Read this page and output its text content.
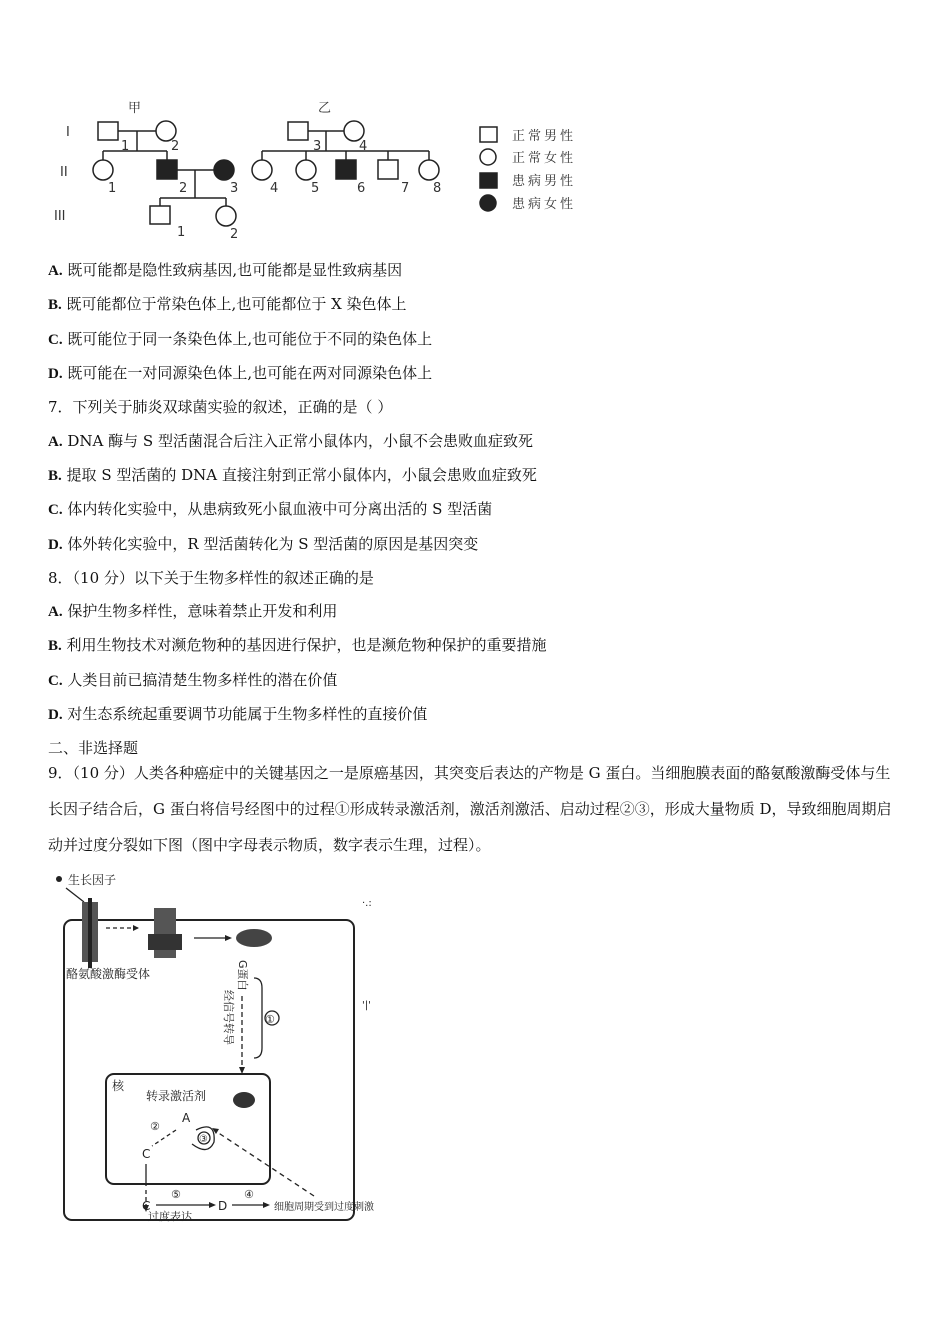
甲	乙
I
II
III
1	2	3	4
1	2	3 4	5	6	7 8
1	2
正常男性
正常女性
患病男性
患病女性
A. 既可能都是隐性致病基因,也可能都是显性致病基因
B. 既可能都位于常染色体上,也可能都位于 X 染色体上
C. 既可能位于同一条染色体上,也可能位于不同的染色体上
D. 既可能在一对同源染色体上,也可能在两对同源染色体上
7．下列关于肺炎双球菌实验的叙述，正确的是（ ）
A. DNA 酶与 S 型活菌混合后注入正常小鼠体内，小鼠不会患败血症致死
B. 提取 S 型活菌的 DNA 直接注射到正常小鼠体内，小鼠会患败血症致死
C. 体内转化实验中，从患病致死小鼠血液中可分离出活的 S 型活菌
D. 体外转化实验中，R 型活菌转化为 S 型活菌的原因是基因突变
8．（10 分）以下关于生物多样性的叙述正确的是
A. 保护生物多样性，意味着禁止开发和利用
B. 利用生物技术对濒危物种的基因进行保护，也是濒危物种保护的重要措施
C. 人类目前已搞清楚生物多样性的潜在价值
D. 对生态系统起重要调节功能属于生物多样性的直接价值
二、非选择题
9．（10 分）人类各种癌症中的关键基因之一是原癌基因，其突变后表达的产物是 G 蛋白。当细胞膜表面的酪氨酸激酶受体与生长因子结合后，G 蛋白将信号经图中的过程①形成转录激活剂，激活剂激活、启动过程②③，形成大量物质 D，导致细胞周期启动并过度分裂如下图（图中字母表示物质，数字表示生理，过程）。
生长因子
酪氨酸激酶受体	G蛋白
经信号转导	①
核
转录激活剂
A
③
②
C
C
⑤
过度表达
D
④
细胞周期受到过度刺激
·.:
'|'
